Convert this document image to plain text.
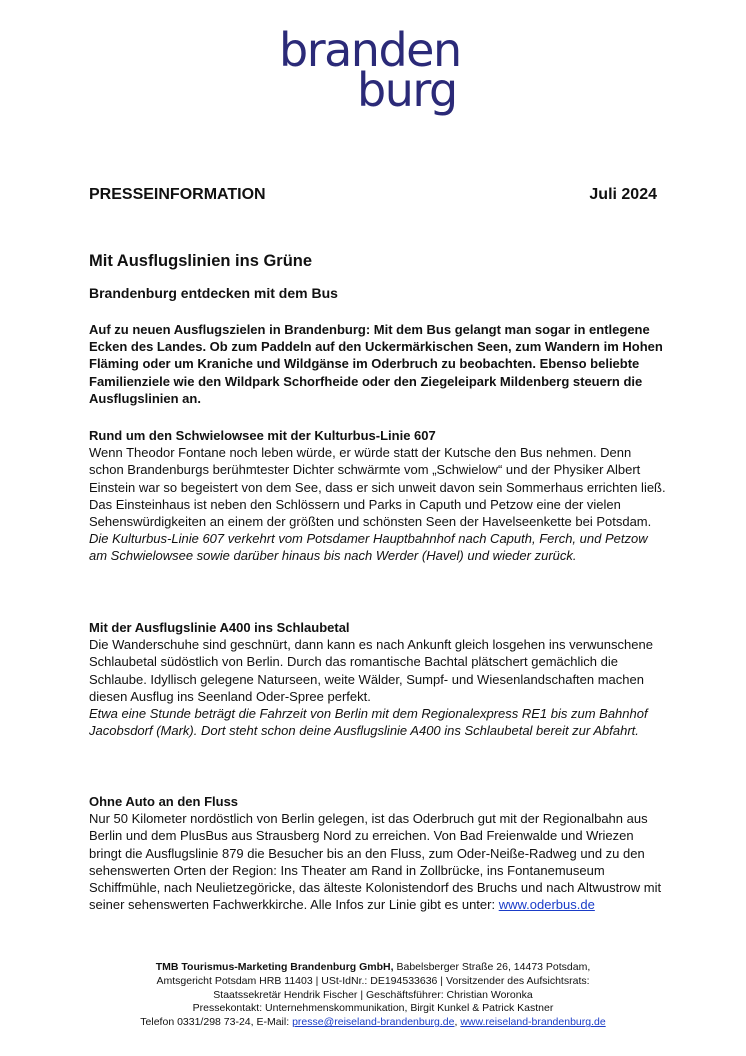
branden
burg
PRESSEINFORMATION	Juli 2024
Mit Ausflugslinien ins Grüne
Brandenburg entdecken mit dem Bus
Auf zu neuen Ausflugszielen in Brandenburg: Mit dem Bus gelangt man sogar in entlegene Ecken des Landes. Ob zum Paddeln auf den Uckermärkischen Seen, zum Wandern im Hohen Fläming oder um Kraniche und Wildgänse im Oderbruch zu beobachten. Ebenso beliebte Familienziele wie den Wildpark Schorfheide oder den Ziegeleipark Mildenberg steuern die Ausflugslinien an.
Rund um den Schwielowsee mit der Kulturbus-Linie 607
Wenn Theodor Fontane noch leben würde, er würde statt der Kutsche den Bus nehmen. Denn schon Brandenburgs berühmtester Dichter schwärmte vom „Schwielow“ und der Physiker Albert Einstein war so begeistert von dem See, dass er sich unweit davon sein Sommerhaus errichten ließ. Das Einsteinhaus ist neben den Schlössern und Parks in Caputh und Petzow eine der vielen Sehenswürdigkeiten an einem der größten und schönsten Seen der Havelseenkette bei Potsdam.
Die Kulturbus-Linie 607 verkehrt vom Potsdamer Hauptbahnhof nach Caputh, Ferch, und Petzow am Schwielowsee sowie darüber hinaus bis nach Werder (Havel) und wieder zurück.
Mit der Ausflugslinie A400 ins Schlaubetal
Die Wanderschuhe sind geschnürt, dann kann es nach Ankunft gleich losgehen ins verwunschene Schlaubetal südöstlich von Berlin. Durch das romantische Bachtal plätschert gemächlich die Schlaube. Idyllisch gelegene Naturseen, weite Wälder, Sumpf- und Wiesenlandschaften machen diesen Ausflug ins Seenland Oder-Spree perfekt.
Etwa eine Stunde beträgt die Fahrzeit von Berlin mit dem Regionalexpress RE1 bis zum Bahnhof Jacobsdorf (Mark). Dort steht schon deine Ausflugslinie A400 ins Schlaubetal bereit zur Abfahrt.
Ohne Auto an den Fluss
Nur 50 Kilometer nordöstlich von Berlin gelegen, ist das Oderbruch gut mit der Regionalbahn aus Berlin und dem PlusBus aus Strausberg Nord zu erreichen. Von Bad Freienwalde und Wriezen bringt die Ausflugslinie 879 die Besucher bis an den Fluss, zum Oder-Neiße-Radweg und zu den sehenswerten Orten der Region: Ins Theater am Rand in Zollbrücke, ins Fontanemuseum Schiffmühle, nach Neulietzegöricke, das älteste Kolonistendorf des Bruchs und nach Altwustrow mit seiner sehenswerten Fachwerkkirche. Alle Infos zur Linie gibt es unter: www.oderbus.de
TMB Tourismus-Marketing Brandenburg GmbH, Babelsberger Straße 26, 14473 Potsdam,
Amtsgericht Potsdam HRB 11403 | USt-IdNr.: DE194533636 | Vorsitzender des Aufsichtsrats:
Staatssekretär Hendrik Fischer | Geschäftsführer: Christian Woronka
Pressekontakt: Unternehmenskommunikation, Birgit Kunkel & Patrick Kastner
Telefon 0331/298 73-24, E-Mail: presse@reiseland-brandenburg.de, www.reiseland-brandenburg.de
